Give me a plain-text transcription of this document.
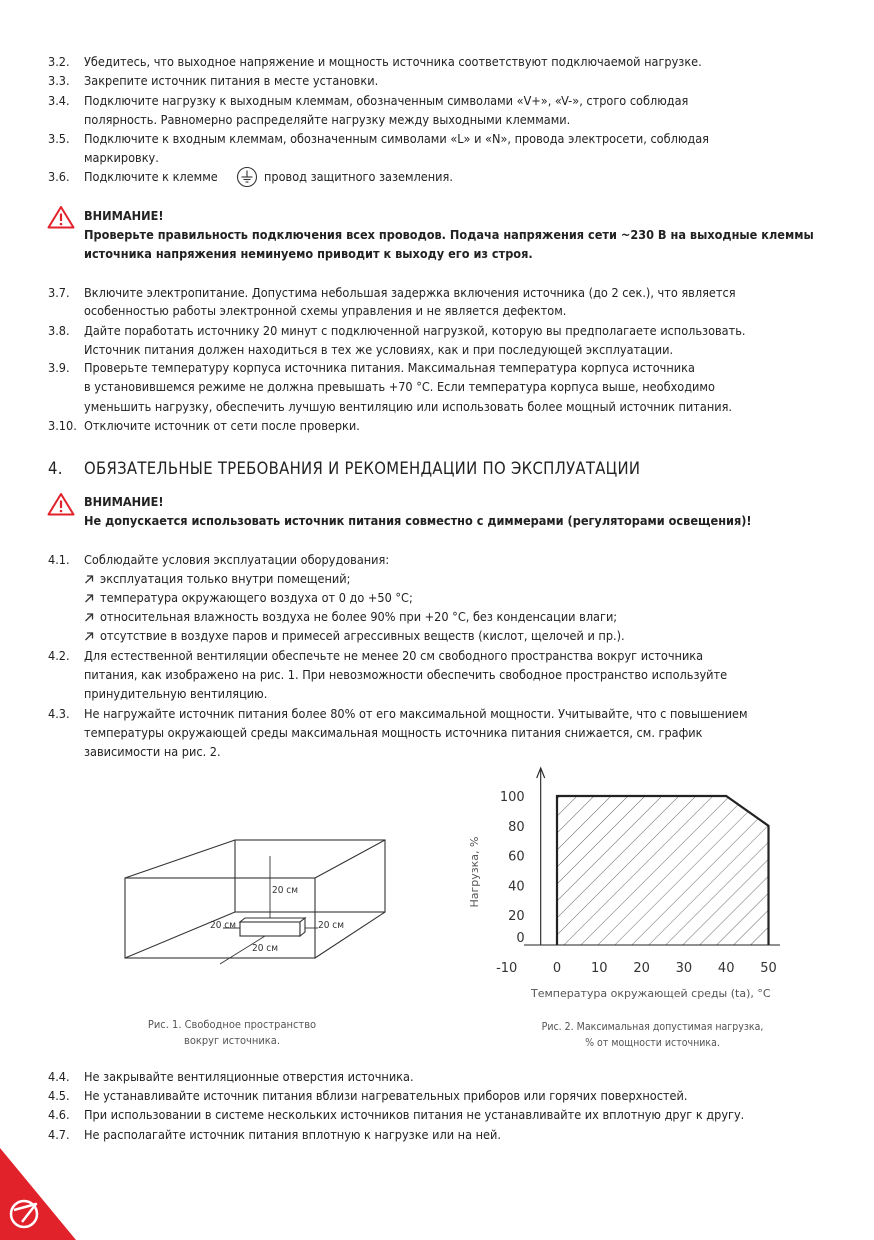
3.2. Убедитесь, что выходное напряжение и мощность источника соответствуют подключаемой нагрузке.
3.3. Закрепите источник питания в месте установки.
3.4. Подключите нагрузку к выходным клеммам, обозначенным символами «V+», «V-», строго соблюдая
полярность. Равномерно распределяйте нагрузку между выходными клеммами.
3.5. Подключите к входным клеммам, обозначенным символами «L» и «N», провода электросети, соблюдая
маркировку.
3.6. Подключите к клемме	провод защитного заземления.
ВНИМАНИЕ!
Проверьте правильность подключения всех проводов. Подача напряжения сети ~230 В на выходные клеммы
источника напряжения неминуемо приводит к выходу его из строя.
3.7. Включите электропитание. Допустима небольшая задержка включения источника (до 2 сек.), что является
особенностью работы электронной схемы управления и не является дефектом.
3.8. Дайте поработать источнику 20 минут с подключенной нагрузкой, которую вы предполагаете использовать.
Источник питания должен находиться в тех же условиях, как и при последующей эксплуатации.
3.9. Проверьте температуру корпуса источника питания. Максимальная температура корпуса источника
в установившемся режиме не должна превышать +70 °C. Если температура корпуса выше, необходимо
уменьшить нагрузку, обеспечить лучшую вентиляцию или использовать более мощный источник питания.
3.10. Отключите источник от сети после проверки.
4. ОБЯЗАТЕЛЬНЫЕ ТРЕБОВАНИЯ И РЕКОМЕНДАЦИИ ПО ЭКСПЛУАТАЦИИ
ВНИМАНИЕ!
Не допускается использовать источник питания совместно с диммерами (регуляторами освещения)!
4.1. Соблюдайте условия эксплуатации оборудования:
эксплуатация только внутри помещений;
температура окружающего воздуха от 0 до +50 °C;
относительная влажность воздуха не более 90% при +20 °C, без конденсации влаги;
отсутствие в воздухе паров и примесей агрессивных веществ (кислот, щелочей и пр.).
4.2. Для естественной вентиляции обеспечьте не менее 20 см свободного пространства вокруг источника
питания, как изображено на рис. 1. При невозможности обеспечить свободное пространство используйте
принудительную вентиляцию.
4.3. Не нагружайте источник питания более 80% от его максимальной мощности. Учитывайте, что с повышением
температуры окружающей среды максимальная мощность источника питания снижается, см. график
зависимости на рис. 2.
20 см
20 см	20 см
20 см
Рис. 1. Свободное пространство
вокруг источника.
-10	0 10 20 30 40 50
0
20
40
60
80
100
Температура окружающей среды (ta), °C
Нагрузка, %
Рис. 2. Максимальная допустимая нагрузка,
% от мощности источника.
4.4. Не закрывайте вентиляционные отверстия источника.
4.5. Не устанавливайте источник питания вблизи нагревательных приборов или горячих поверхностей.
4.6. При использовании в системе нескольких источников питания не устанавливайте их вплотную друг к другу.
4.7. Не располагайте источник питания вплотную к нагрузке или на ней.
